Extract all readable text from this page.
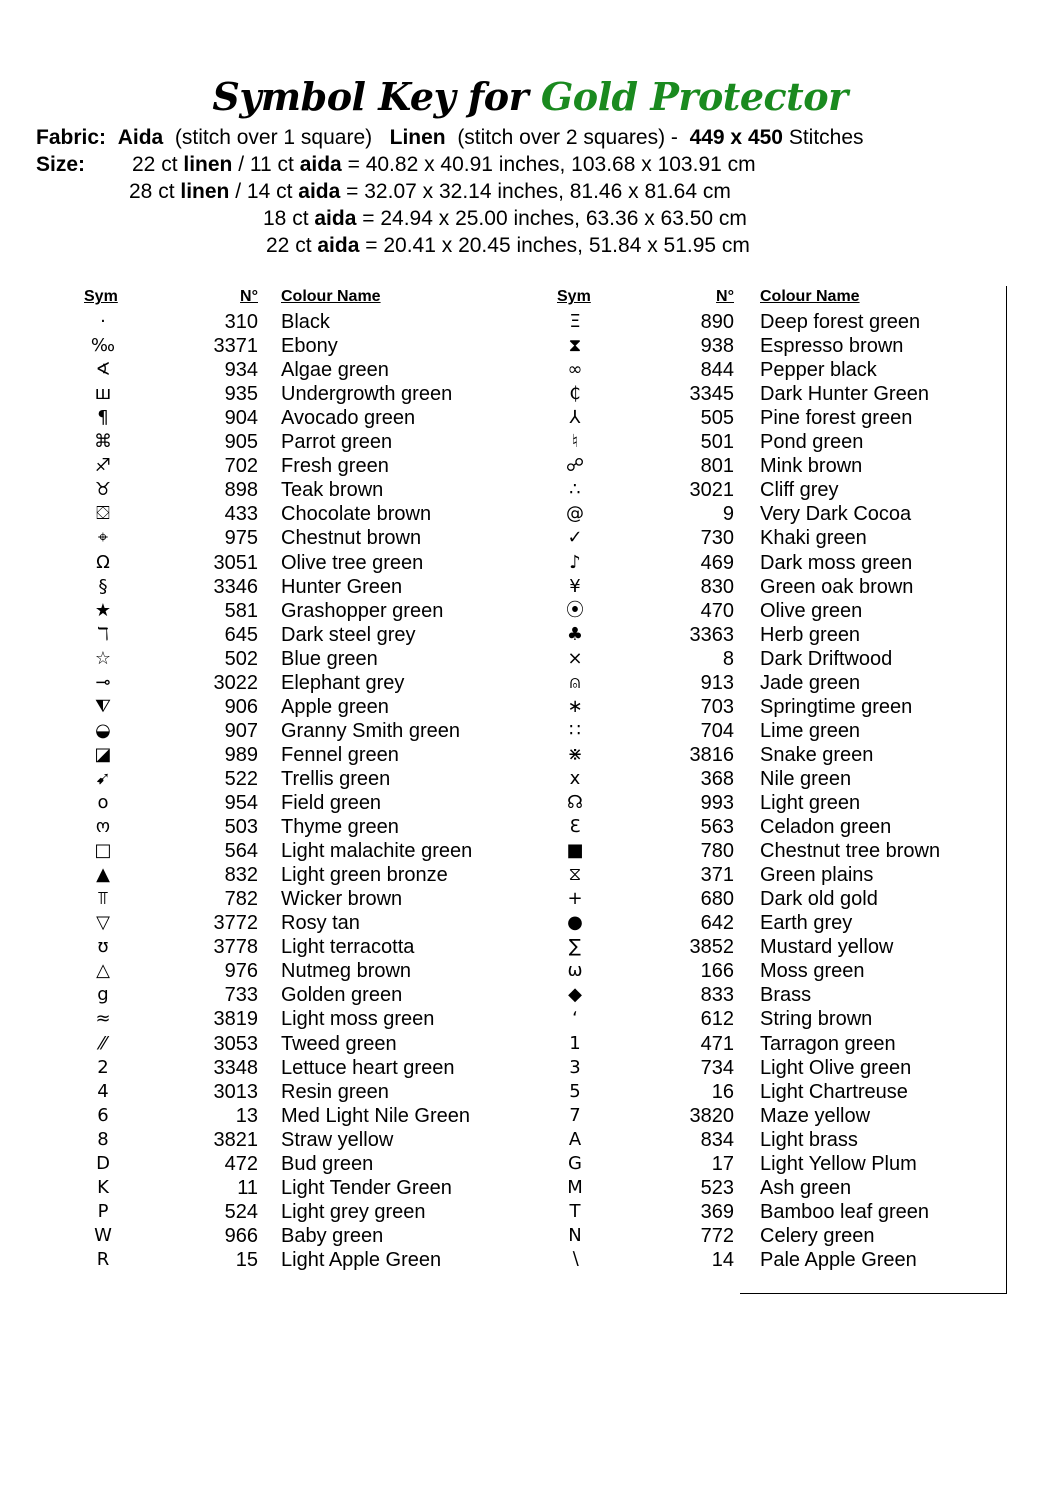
Symbol Key for Gold Protector
Fabric: Aida (stitch over 1 square) Linen (stitch over 2 squares) - 449 x 450 Stitches
Size: 22 ct linen / 11 ct aida = 40.82 x 40.91 inches, 103.68 x 103.91 cm
28 ct linen / 14 ct aida = 32.07 x 32.14 inches, 81.46 x 81.64 cm
18 ct aida = 24.94 x 25.00 inches, 63.36 x 63.50 cm
22 ct aida = 20.41 x 20.45 inches, 51.84 x 51.95 cm
Sym	N° Colour Name	Sym	N° Colour Name
·	310 Black
‰	3371 Ebony
∢	934 Algae green
ш	935 Undergrowth green
¶	904 Avocado green
⌘	905 Parrot green
♐	702 Fresh green
♉	898 Teak brown
⛋	433 Chocolate brown
⌖	975 Chestnut brown
Ω	3051 Olive tree green
§	3346 Hunter Green
★	581 Grashopper green
ℸ	645 Dark steel grey
☆	502 Blue green
⊸	3022 Elephant grey
⧨	906 Apple green
◒	907 Granny Smith green
◪	989 Fennel green
➹	522 Trellis green
o	954 Field green
ო	503 Thyme green
□	564 Light malachite green
▲	832 Light green bronze
⫪	782 Wicker brown
▽	3772 Rosy tan
ʊ	3778 Light terracotta
△	976 Nutmeg brown
g	733 Golden green
≈	3819 Light moss green
⁄⁄	3053 Tweed green
2	3348 Lettuce heart green
4	3013 Resin green
6	13 Med Light Nile Green
8	3821 Straw yellow
D	472 Bud green
K	11 Light Tender Green
P	524 Light grey green
W	966 Baby green
R	15 Light Apple Green
Ξ	890 Deep forest green
⧗	938 Espresso brown
∞	844 Pepper black
₵	3345 Dark Hunter Green
⅄	505 Pine forest green
♮	501 Pond green
☍	801 Mink brown
∴	3021 Cliff grey
@	9 Very Dark Cocoa
✓	730 Khaki green
♪	469 Dark moss green
¥	830 Green oak brown
⦿	470 Olive green
♣	3363 Herb green
⨯	8 Dark Driftwood
⍝	913 Jade green
∗	703 Springtime green
∷	704 Lime green
⋇	3816 Snake green
x	368 Nile green
☊	993 Light green
Ɛ	563 Celadon green
■	780 Chestnut tree brown
⧖	371 Green plains
+	680 Dark old gold
●	642 Earth grey
∑	3852 Mustard yellow
ω	166 Moss green
◆	833 Brass
ʻ	612 String brown
1	471 Tarragon green
3	734 Light Olive green
5	16 Light Chartreuse
7	3820 Maze yellow
A	834 Light brass
G	17 Light Yellow Plum
M	523 Ash green
T	369 Bamboo leaf green
N	772 Celery green
∖	14 Pale Apple Green
